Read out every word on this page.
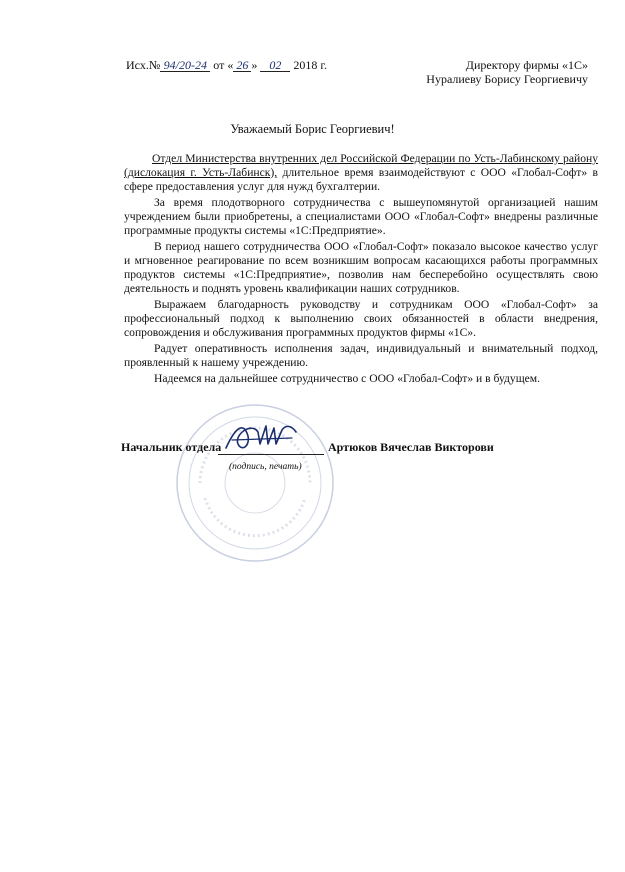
Исх.№ 94/20-24 от « 26 » 02 2018 г.	Директору фирмы «1С»
Нуралиеву Борису Георгиевичу
Уважаемый Борис Георгиевич!

Отдел Министерства внутренних дел Российской Федерации по Усть-Лабинскому району (дислокация г. Усть-Лабинск), длительное время взаимодействуют с ООО «Глобал-Софт» в сфере предоставления услуг для нужд бухгалтерии.

За время плодотворного сотрудничества с вышеупомянутой организацией нашим учреждением были приобретены, а специалистами ООО «Глобал-Софт» внедрены различные программные продукты системы «1С:Предприятие».

В период нашего сотрудничества ООО «Глобал-Софт» показало высокое качество услуг и мгновенное реагирование по всем возникшим вопросам касающихся работы программных продуктов системы «1С:Предприятие», позволив нам бесперебойно осуществлять свою деятельность и поднять уровень квалификации наших сотрудников.

Выражаем благодарность руководству и сотрудникам ООО «Глобал-Софт» за профессиональный подход к выполнению своих обязанностей в области внедрения, сопровождения и обслуживания программных продуктов фирмы «1С».

Радует оперативность исполнения задач, индивидуальный и внимательный подход, проявленный к нашему учреждению.

Надеемся на дальнейшее сотрудничество с ООО «Глобал-Софт» и в будущем.

Начальник отдела
(подпись, печать)
Артюков Вячеслав Викторови
